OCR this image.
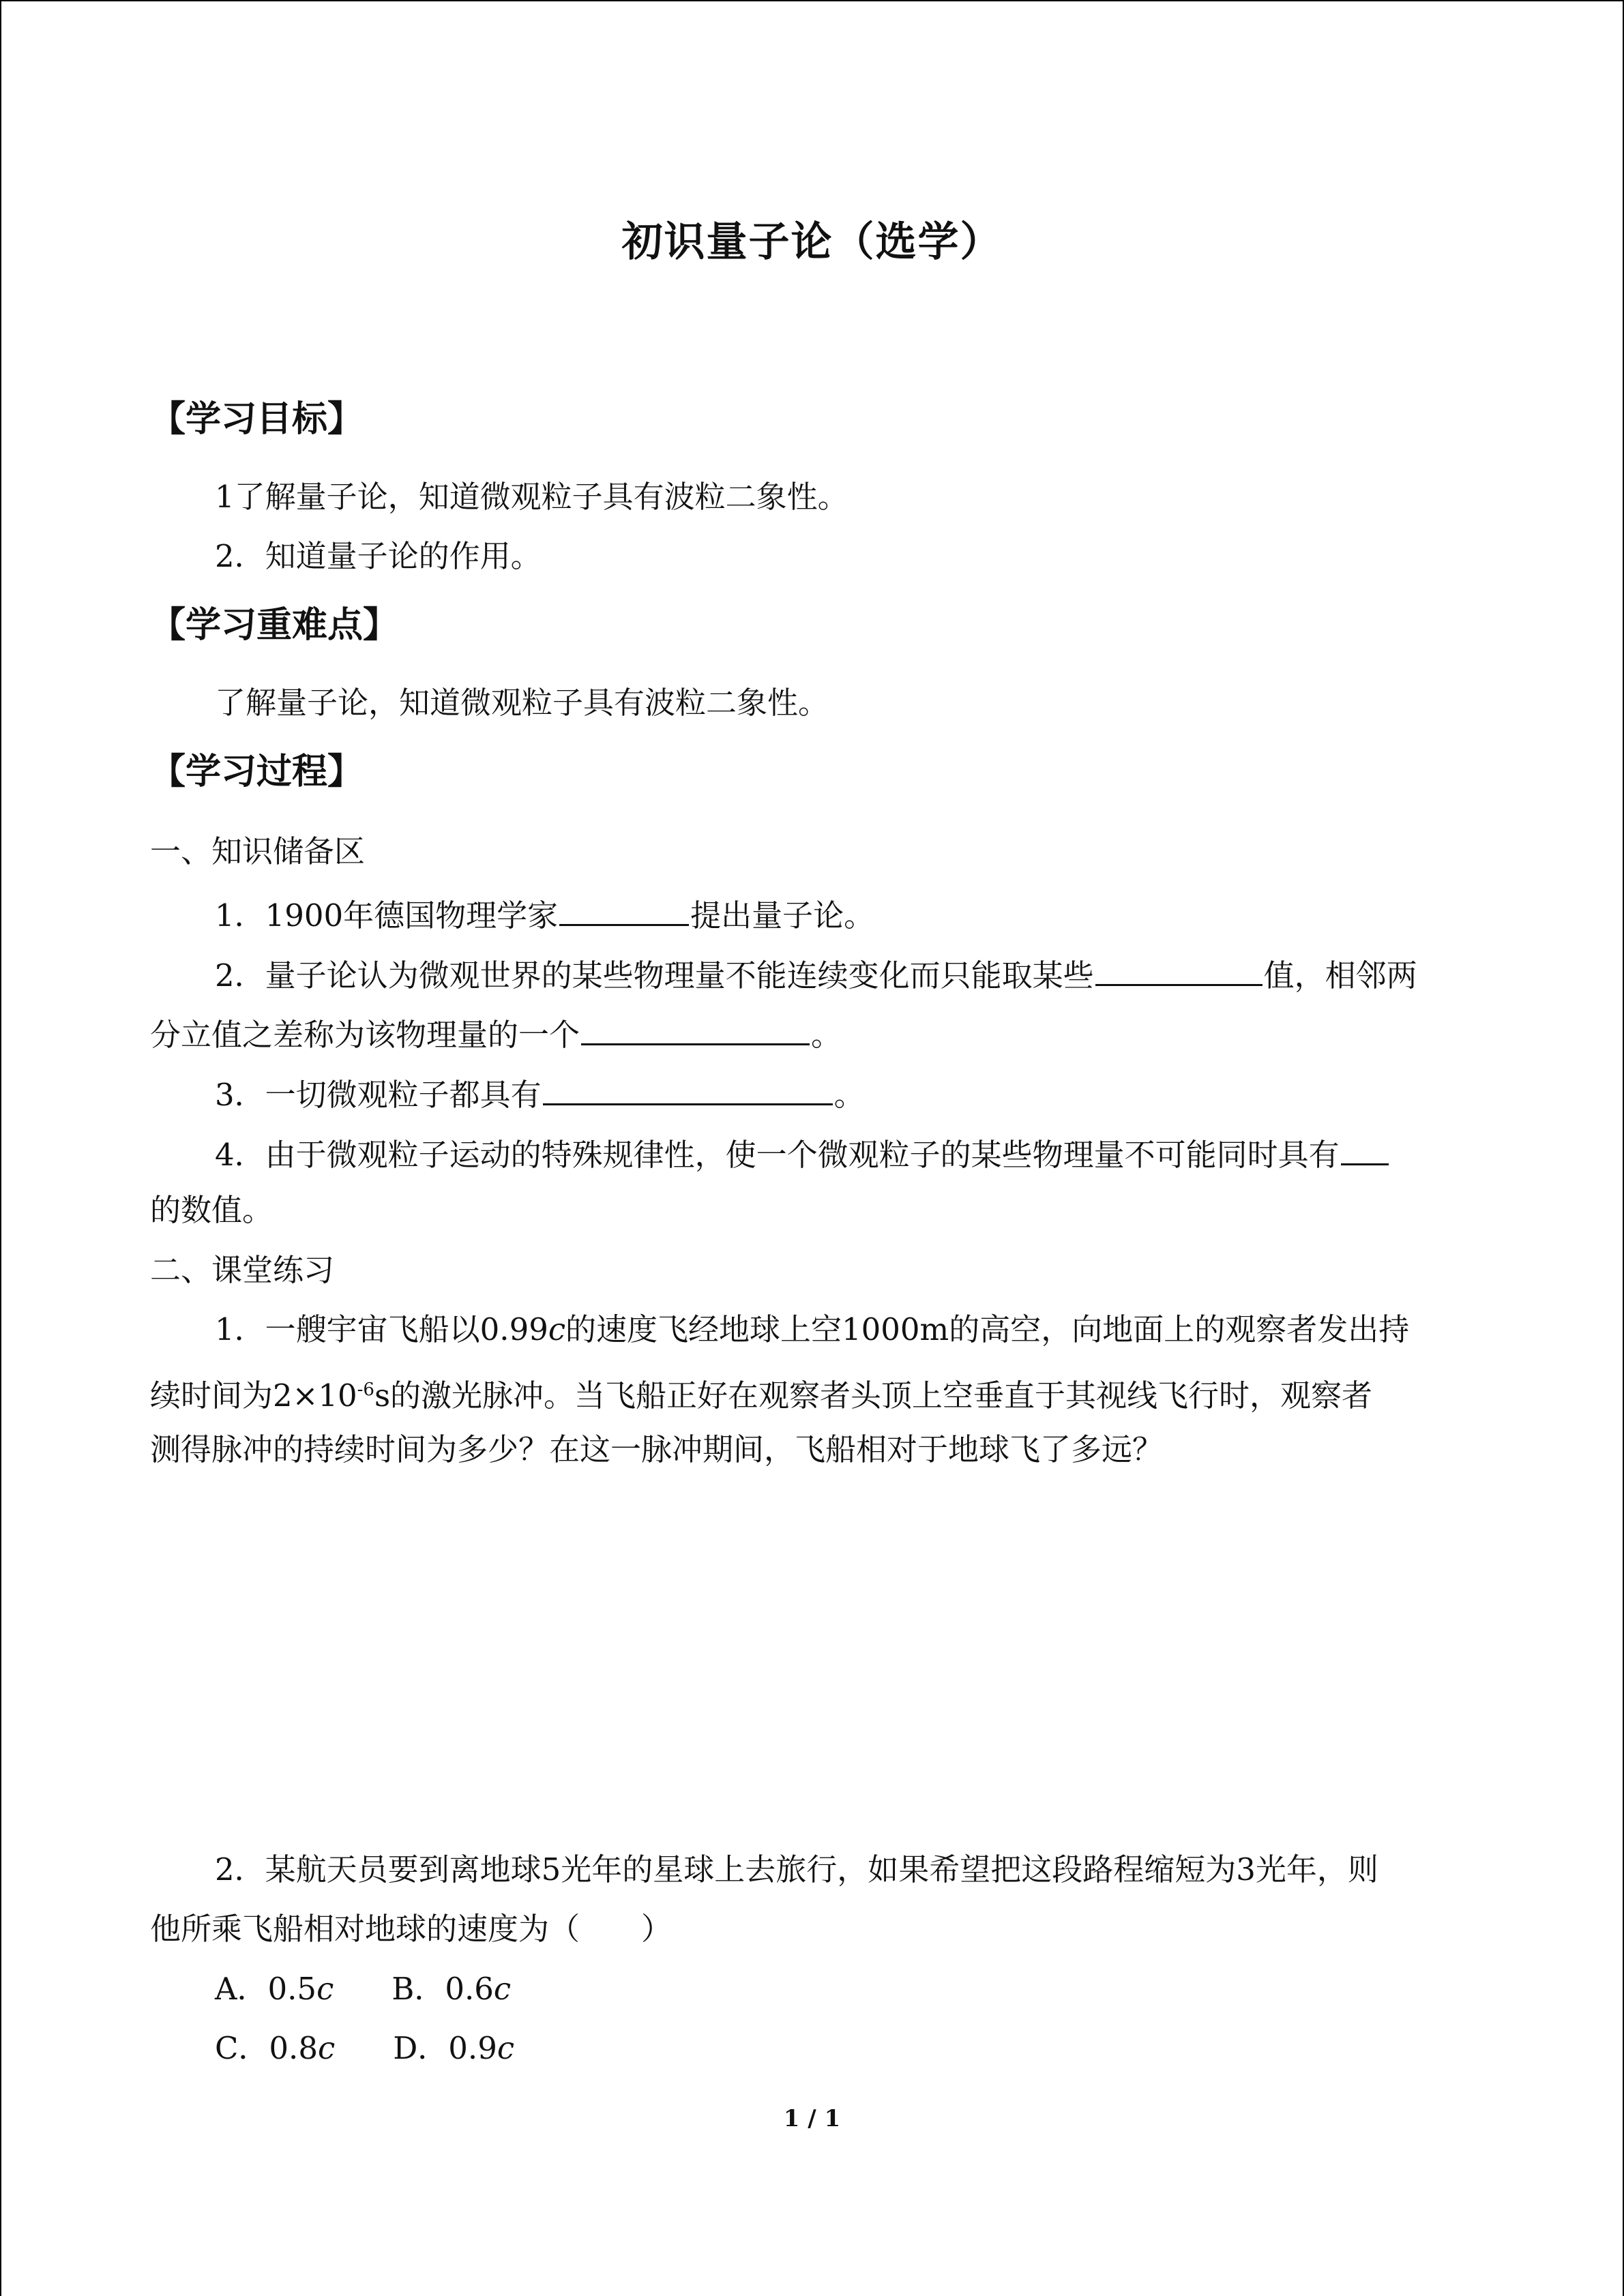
初识量子论（选学）
【学习目标】
1了解量子论，知道微观粒子具有波粒二象性。
2．知道量子论的作用。
【学习重难点】
了解量子论，知道微观粒子具有波粒二象性。
【学习过程】
一、知识储备区
1．1900年德国物理学家	提出量子论。
2．量子论认为微观世界的某些物理量不能连续变化而只能取某些	值，相邻两
分立值之差称为该物理量的一个	。
3．一切微观粒子都具有	。
4．由于微观粒子运动的特殊规律性，使一个微观粒子的某些物理量不可能同时具有
的数值。
二、课堂练习
1．一艘宇宙飞船以0.99c的速度飞经地球上空1000m的高空，向地面上的观察者发出持
续时间为$2\times 10^{-6}s$的激光脉冲。当飞船正好在观察者头顶上空垂直于其视线飞行时，观察者
测得脉冲的持续时间为多少？在这一脉冲期间，飞船相对于地球飞了多远？
2．某航天员要到离地球5光年的星球上去旅行，如果希望把这段路程缩短为3光年，则
他所乘飞船相对地球的速度为（　　）
A．0.5c B．0.6c
C．0.8c D．0.9c
1 / 1
